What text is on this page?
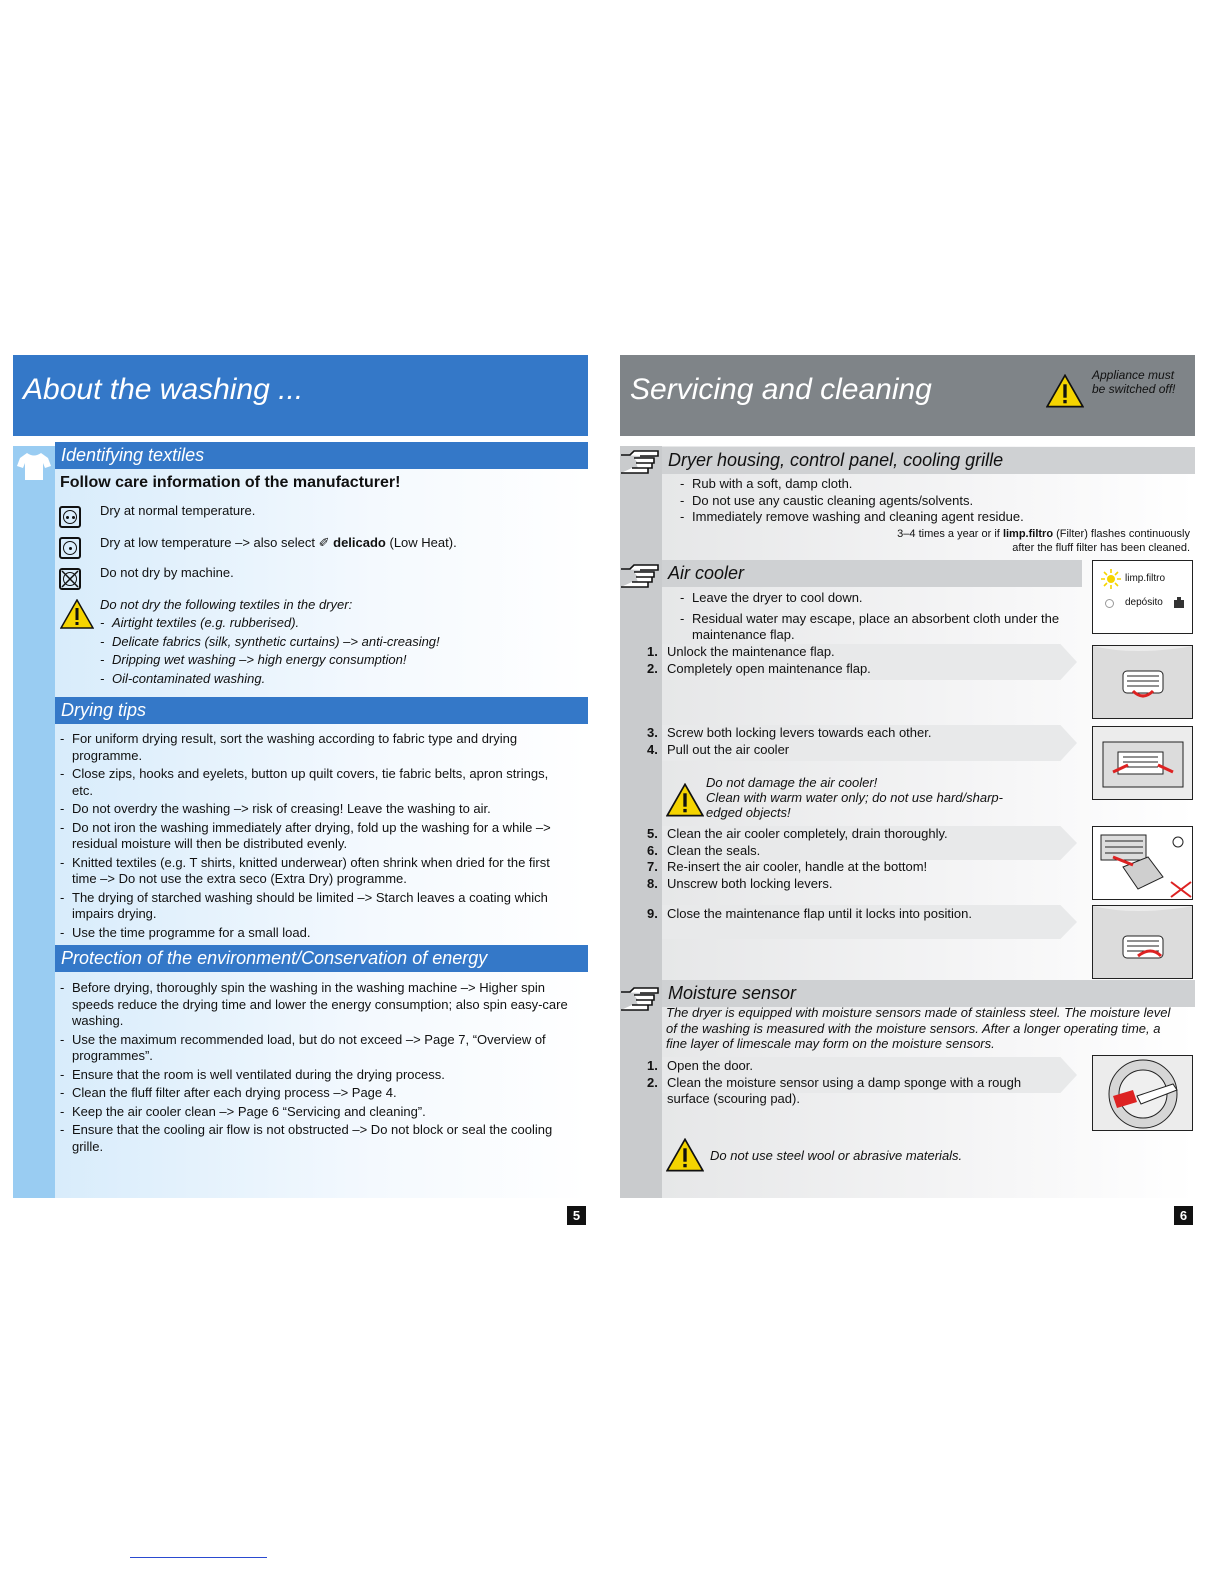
About the washing ...
Identifying textiles
Follow care information of the manufacturer!
Dry at normal temperature.
Dry at low temperature –> also select ✐ delicado (Low Heat).
Do not dry by machine.
Do not dry the following textiles in the dryer:
- Airtight textiles (e.g. rubberised).
- Delicate fabrics (silk, synthetic curtains) –> anti-creasing!
- Dripping wet washing –> high energy consumption!
- Oil-contaminated washing.
Drying tips
- For uniform drying result, sort the washing according to fabric type and drying programme.
- Close zips, hooks and eyelets, button up quilt covers, tie fabric belts, apron strings, etc.
- Do not overdry the washing –> risk of creasing! Leave the washing to air.
- Do not iron the washing immediately after drying, fold up the washing for a while –> residual moisture will then be distributed evenly.
- Knitted textiles (e.g. T shirts, knitted underwear) often shrink when dried for the first time –> Do not use the extra seco (Extra Dry) programme.
- The drying of starched washing should be limited –> Starch leaves a coating which impairs drying.
- Use the time programme for a small load.
Protection of the environment/Conservation of energy
- Before drying, thoroughly spin the washing in the washing machine –> Higher spin speeds reduce the drying time and lower the energy consumption; also spin easy-care washing.
- Use the maximum recommended load, but do not exceed –> Page 7, “Overview of programmes”.
- Ensure that the room is well ventilated during the drying process.
- Clean the fluff filter after each drying process –> Page 4.
- Keep the air cooler clean –> Page 6 “Servicing and cleaning”.
- Ensure that the cooling air flow is not obstructed –> Do not block or seal the cooling grille.
5
Servicing and cleaning	Appliance must be switched off!
Dryer housing, control panel, cooling grille
- Rub with a soft, damp cloth.
- Do not use any caustic cleaning agents/solvents.
- Immediately remove washing and cleaning agent residue.
3–4 times a year or if limp.filtro (Filter) flashes continuously
after the fluff filter has been cleaned.
Air cooler	limp.filtro
depósito
- Leave the dryer to cool down.
- Residual water may escape, place an absorbent cloth under the maintenance flap.
1. Unlock the maintenance flap.
2. Completely open maintenance flap.
3. Screw both locking levers towards each other.
4. Pull out the air cooler
Do not damage the air cooler!
Clean with warm water only; do not use hard/sharp-
edged objects!
5. Clean the air cooler completely, drain thoroughly.
6. Clean the seals.
7. Re-insert the air cooler, handle at the bottom!
8. Unscrew both locking levers.
9. Close the maintenance flap until it locks into position.
Moisture sensor
The dryer is equipped with moisture sensors made of stainless steel. The moisture level of the washing is measured with the moisture sensors. After a longer operating time, a fine layer of limescale may form on the moisture sensors.
1. Open the door.
2. Clean the moisture sensor using a damp sponge with a rough surface (scouring pad).
Do not use steel wool or abrasive materials.
6
